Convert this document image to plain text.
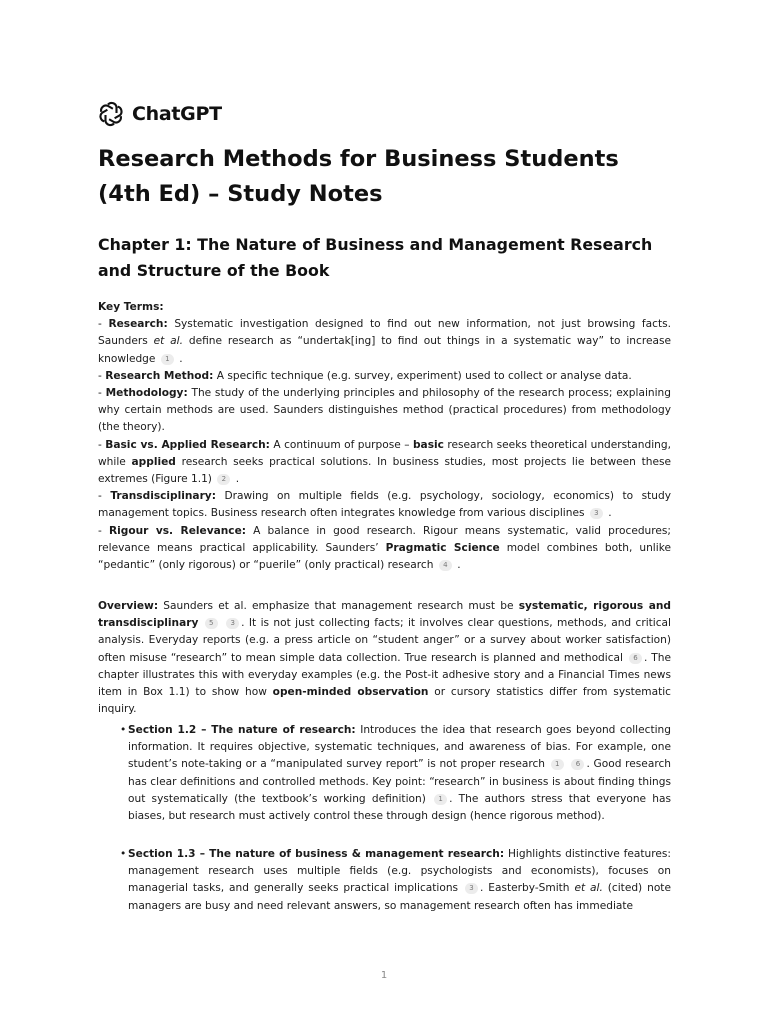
ChatGPT
Research Methods for Business Students (4th Ed) – Study Notes
Chapter 1: The Nature of Business and Management Research and Structure of the Book
Key Terms:
- Research: Systematic investigation designed to find out new information, not just browsing facts. Saunders et al. define research as “undertak[ing] to find out things in a systematic way” to increase knowledge 1 .
- Research Method: A specific technique (e.g. survey, experiment) used to collect or analyse data.
- Methodology: The study of the underlying principles and philosophy of the research process; explaining why certain methods are used. Saunders distinguishes method (practical procedures) from methodology (the theory).
- Basic vs. Applied Research: A continuum of purpose – basic research seeks theoretical understanding, while applied research seeks practical solutions. In business studies, most projects lie between these extremes (Figure 1.1) 2 .
- Transdisciplinary: Drawing on multiple fields (e.g. psychology, sociology, economics) to study management topics. Business research often integrates knowledge from various disciplines 3 .
- Rigour vs. Relevance: A balance in good research. Rigour means systematic, valid procedures; relevance means practical applicability. Saunders’ Pragmatic Science model combines both, unlike “pedantic” (only rigorous) or “puerile” (only practical) research 4 .
Overview: Saunders et al. emphasize that management research must be systematic, rigorous and transdisciplinary 5 3 . It is not just collecting facts; it involves clear questions, methods, and critical analysis. Everyday reports (e.g. a press article on “student anger” or a survey about worker satisfaction) often misuse “research” to mean simple data collection. True research is planned and methodical 6 . The chapter illustrates this with everyday examples (e.g. the Post-it adhesive story and a Financial Times news item in Box 1.1) to show how open-minded observation or cursory statistics differ from systematic inquiry.
• Section 1.2 – The nature of research: Introduces the idea that research goes beyond collecting information. It requires objective, systematic techniques, and awareness of bias. For example, one student’s note-taking or a “manipulated survey report” is not proper research 1 6 . Good research has clear definitions and controlled methods. Key point: “research” in business is about finding things out systematically (the textbook’s working definition) 1 . The authors stress that everyone has biases, but research must actively control these through design (hence rigorous method).
• Section 1.3 – The nature of business & management research: Highlights distinctive features: management research uses multiple fields (e.g. psychologists and economists), focuses on managerial tasks, and generally seeks practical implications 3 . Easterby-Smith et al. (cited) note managers are busy and need relevant answers, so management research often has immediate
1
